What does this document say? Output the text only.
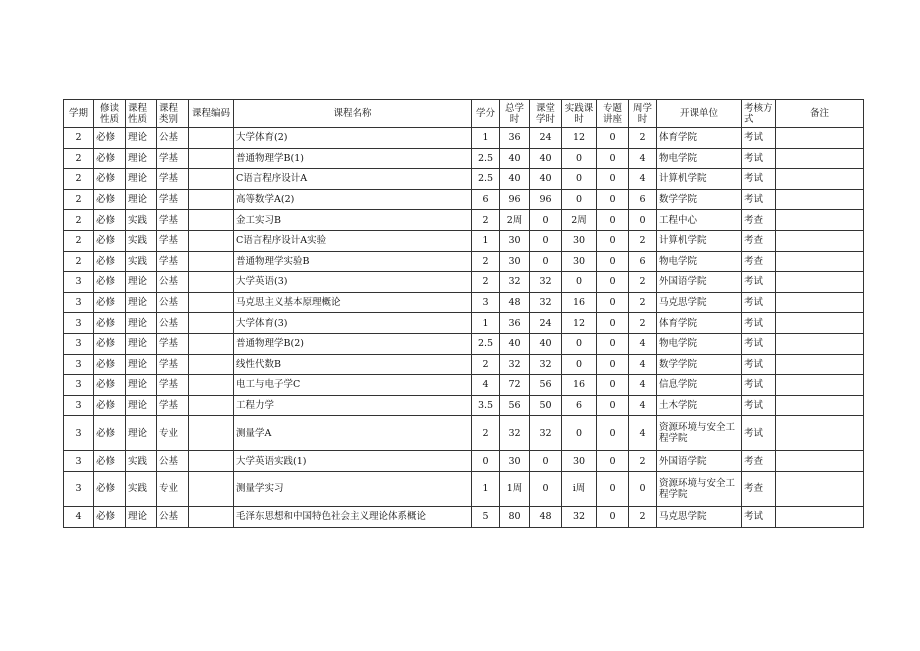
学期	修读性质	课程性质	课程类别	课程编码	课程名称	学分	总学时	课堂学时	实践课时	专题讲座	周学时	开课单位	考核方式	备注
2	必修	理论	公基		大学体育(2)	1	36	24	12	0	2	体育学院	考试	
2	必修	理论	学基		普通物理学B(1)	2.5	40	40	0	0	4	物电学院	考试	
2	必修	理论	学基		C语言程序设计A	2.5	40	40	0	0	4	计算机学院	考试	
2	必修	理论	学基		高等数学A(2)	6	96	96	0	0	6	数学学院	考试	
2	必修	实践	学基		金工实习B	2	2周	0	2周	0	0	工程中心	考查	
2	必修	实践	学基		C语言程序设计A实验	1	30	0	30	0	2	计算机学院	考查	
2	必修	实践	学基		普通物理学实验B	2	30	0	30	0	6	物电学院	考查	
3	必修	理论	公基		大学英语(3)	2	32	32	0	0	2	外国语学院	考试	
3	必修	理论	公基		马克思主义基本原理概论	3	48	32	16	0	2	马克思学院	考试	
3	必修	理论	公基		大学体育(3)	1	36	24	12	0	2	体育学院	考试	
3	必修	理论	学基		普通物理学B(2)	2.5	40	40	0	0	4	物电学院	考试	
3	必修	理论	学基		线性代数B	2	32	32	0	0	4	数学学院	考试	
3	必修	理论	学基		电工与电子学C	4	72	56	16	0	4	信息学院	考试	
3	必修	理论	学基		工程力学	3.5	56	50	6	0	4	土木学院	考试	
3	必修	理论	专业		测量学A	2	32	32	0	0	4	资源环境与安全工程学院	考试	
3	必修	实践	公基		大学英语实践(1)	0	30	0	30	0	2	外国语学院	考查	
3	必修	实践	专业		测量学实习	1	1周	0	i周	0	0	资源环境与安全工程学院	考查	
4	必修	理论	公基		毛泽东思想和中国特色社会主义理论体系概论	5	80	48	32	0	2	马克思学院	考试	
